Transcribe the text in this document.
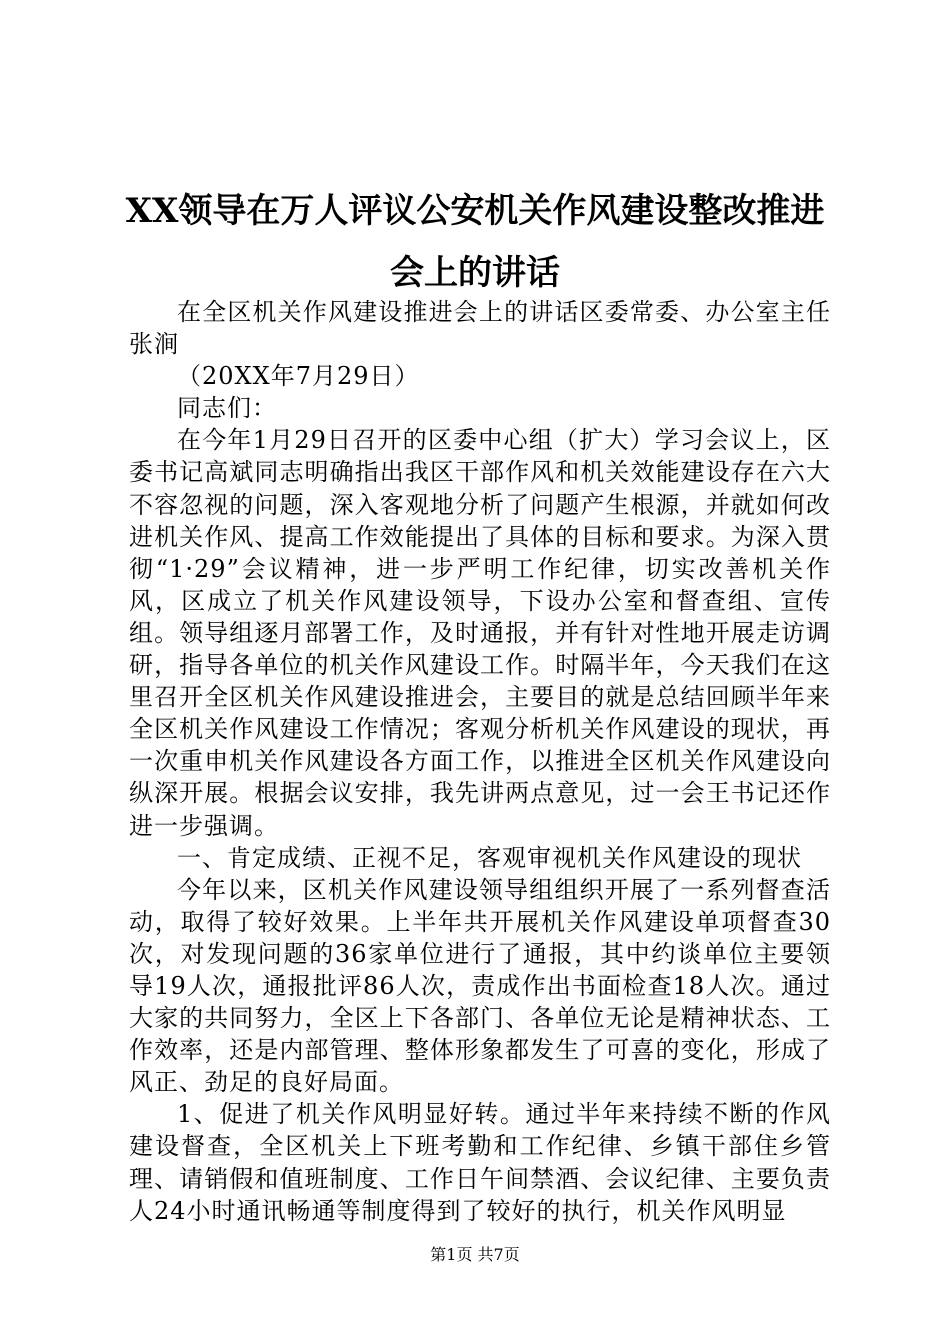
XX领导在万人评议公安机关作风建设整改推进会上的讲话

在全区机关作风建设推进会上的讲话区委常委、办公室主任张涧

（20XX年7月29日）

同志们：

在今年1月29日召开的区委中心组（扩大）学习会议上，区委书记高斌同志明确指出我区干部作风和机关效能建设存在六大不容忽视的问题，深入客观地分析了问题产生根源，并就如何改进机关作风、提高工作效能提出了具体的目标和要求。为深入贯彻“1·29”会议精神，进一步严明工作纪律，切实改善机关作风，区成立了机关作风建设领导，下设办公室和督查组、宣传组。领导组逐月部署工作，及时通报，并有针对性地开展走访调研，指导各单位的机关作风建设工作。时隔半年，今天我们在这里召开全区机关作风建设推进会，主要目的就是总结回顾半年来全区机关作风建设工作情况；客观分析机关作风建设的现状，再一次重申机关作风建设各方面工作，以推进全区机关作风建设向纵深开展。根据会议安排，我先讲两点意见，过一会王书记还作进一步强调。

一、肯定成绩、正视不足，客观审视机关作风建设的现状

今年以来，区机关作风建设领导组组织开展了一系列督查活动，取得了较好效果。上半年共开展机关作风建设单项督查30次，对发现问题的36家单位进行了通报，其中约谈单位主要领导19人次，通报批评86人次，责成作出书面检查18人次。通过大家的共同努力，全区上下各部门、各单位无论是精神状态、工作效率，还是内部管理、整体形象都发生了可喜的变化，形成了风正、劲足的良好局面。

1、促进了机关作风明显好转。通过半年来持续不断的作风建设督查，全区机关上下班考勤和工作纪律、乡镇干部住乡管理、请销假和值班制度、工作日午间禁酒、会议纪律、主要负责人24小时通讯畅通等制度得到了较好的执行，机关作风明显

第1页 共7页
